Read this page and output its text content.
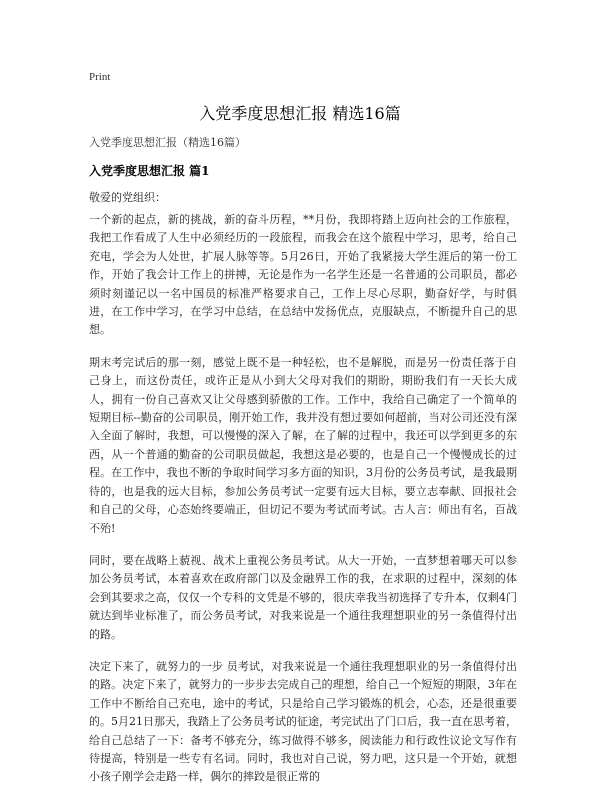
Print
入党季度思想汇报 精选16篇
入党季度思想汇报（精选16篇）
入党季度思想汇报 篇1
敬爱的党组织：

一个新的起点，新的挑战，新的奋斗历程，**月份，我即将踏上迈向社会的工作旅程，我把工作看成了人生中必须经历的一段旅程，而我会在这个旅程中学习，思考，给自己充电，学会为人处世，扩展人脉等等。5月26日，开始了我紧接大学生涯后的第一份工作，开始了我会计工作上的拼搏，无论是作为一名学生还是一名普通的公司职员，都必须时刻谨记以一名中国员的标准严格要求自己，工作上尽心尽职，勤奋好学，与时俱进，在工作中学习，在学习中总结，在总结中发扬优点，克服缺点，不断提升自己的思想。

期末考完试后的那一刻，感觉上既不是一种轻松，也不是解脱，而是另一份责任落于自己身上，而这份责任，或许正是从小到大父母对我们的期盼，期盼我们有一天长大成人，拥有一份自己喜欢又让父母感到骄傲的工作。工作中，我给自己确定了一个简单的短期目标--勤奋的公司职员，刚开始工作，我并没有想过要如何超前，当对公司还没有深入全面了解时，我想，可以慢慢的深入了解，在了解的过程中，我还可以学到更多的东西，从一个普通的勤奋的公司职员做起，我想这是必要的，也是自己一个慢慢成长的过程。在工作中，我也不断的争取时间学习多方面的知识，3月份的公务员考试，是我最期待的，也是我的远大目标，参加公务员考试一定要有远大目标，要立志奉献、回报社会和自己的父母，心态始终要端正，但切记不要为考试而考试。古人言：师出有名，百战不殆!

同时，要在战略上藐视、战术上重视公务员考试。从大一开始，一直梦想着哪天可以参加公务员考试，本着喜欢在政府部门以及金融界工作的我，在求职的过程中，深刻的体会到其要求之高，仅仅一个专科的文凭是不够的，很庆幸我当初选择了专升本，仅剩4门就达到毕业标准了，而公务员考试，对我来说是一个通往我理想职业的另一条值得付出的路。

决定下来了，就努力的一步 员考试，对我来说是一个通往我理想职业的另一条值得付出的路。决定下来了，就努力的一步步去完成自己的理想，给自己一个短短的期限，3年在工作中不断给自己充电，途中的考试，只是给自己学习锻炼的机会，心态，还是很重要的。5月21日那天，我踏上了公务员考试的征途，考完试出了门口后，我一直在思考着，给自己总结了一下：备考不够充分，练习做得不够多，阅读能力和行政性议论文写作有待提高，特别是一些专有名词。同时，我也对自己说，努力吧，这只是一个开始，就想小孩子刚学会走路一样，偶尔的摔跤是很正常的
